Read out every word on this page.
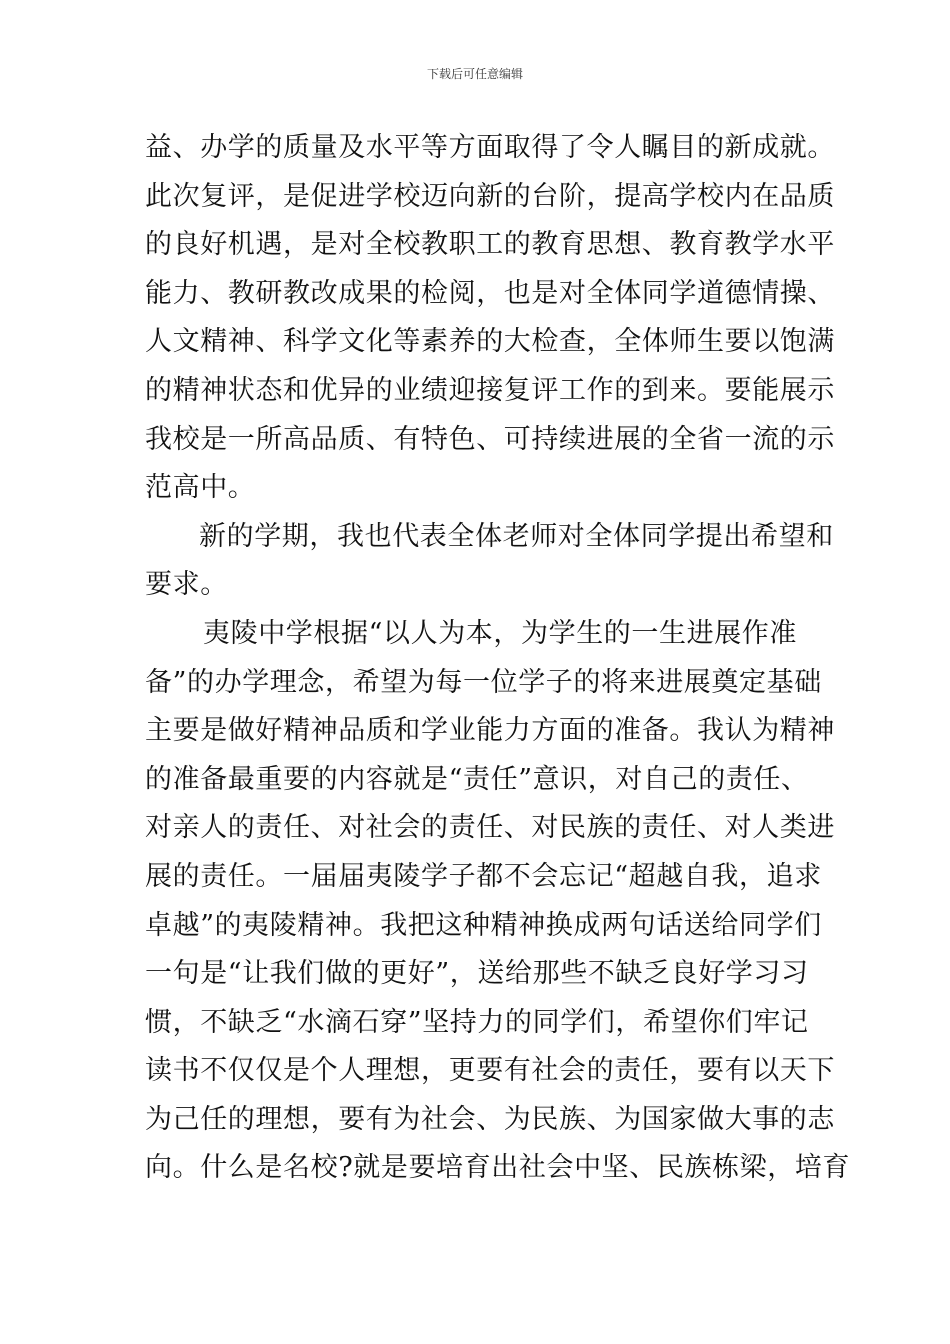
下载后可任意编辑
益、办学的质量及水平等方面取得了令人瞩目的新成就。
此次复评，是促进学校迈向新的台阶，提高学校内在品质
的良好机遇，是对全校教职工的教育思想、教育教学水平
能力、教研教改成果的检阅，也是对全体同学道德情操、
人文精神、科学文化等素养的大检查，全体师生要以饱满
的精神状态和优异的业绩迎接复评工作的到来。要能展示
我校是一所高品质、有特色、可持续进展的全省一流的示
范高中。
新的学期，我也代表全体老师对全体同学提出希望和
要求。
夷陵中学根据“以人为本，为学生的一生进展作准
备”的办学理念，希望为每一位学子的将来进展奠定基础
主要是做好精神品质和学业能力方面的准备。我认为精神
的准备最重要的内容就是“责任”意识，对自己的责任、
对亲人的责任、对社会的责任、对民族的责任、对人类进
展的责任。一届届夷陵学子都不会忘记“超越自我，追求
卓越”的夷陵精神。我把这种精神换成两句话送给同学们
一句是“让我们做的更好”，送给那些不缺乏良好学习习
惯，不缺乏“水滴石穿”坚持力的同学们，希望你们牢记
读书不仅仅是个人理想，更要有社会的责任，要有以天下
为己任的理想，要有为社会、为民族、为国家做大事的志
向。什么是名校?就是要培育出社会中坚、民族栋梁，培育
